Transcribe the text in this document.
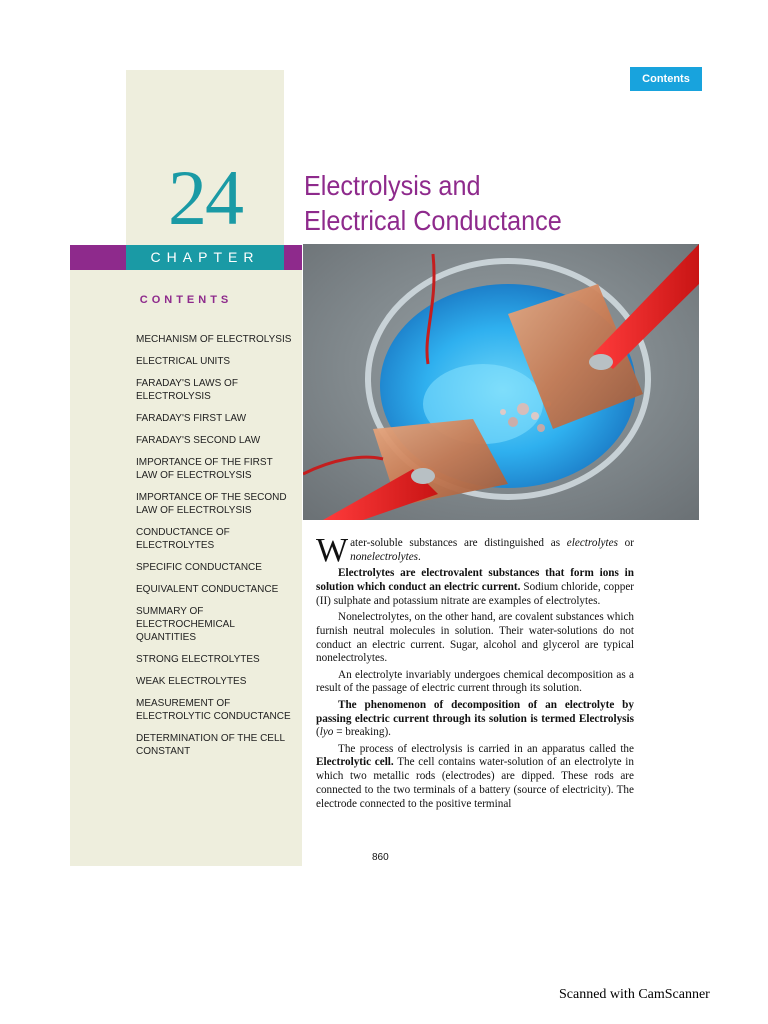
24
CHAPTER
CONTENTS
MECHANISM OF ELECTROLYSIS
ELECTRICAL UNITS
FARADAY'S LAWS OF ELECTROLYSIS
FARADAY'S FIRST LAW
FARADAY'S SECOND LAW
IMPORTANCE OF THE FIRST LAW OF ELECTROLYSIS
IMPORTANCE OF THE SECOND LAW OF ELECTROLYSIS
CONDUCTANCE OF ELECTROLYTES
SPECIFIC CONDUCTANCE
EQUIVALENT CONDUCTANCE
SUMMARY OF ELECTROCHEMICAL QUANTITIES
STRONG ELECTROLYTES
WEAK ELECTROLYTES
MEASUREMENT OF ELECTROLYTIC CONDUCTANCE
DETERMINATION OF THE CELL CONSTANT
Contents
Electrolysis and
Electrical Conductance

Water-soluble substances are distinguished as electrolytes or nonelectrolytes.

Electrolytes are electrovalent substances that form ions in solution which conduct an electric current. Sodium chloride, copper (II) sulphate and potassium nitrate are examples of electrolytes.

Nonelectrolytes, on the other hand, are covalent substances which furnish neutral molecules in solution. Their water-solutions do not conduct an electric current. Sugar, alcohol and glycerol are typical nonelectrolytes.

An electrolyte invariably undergoes chemical decomposition as a result of the passage of electric current through its solution.

The phenomenon of decomposition of an electrolyte by passing electric current through its solution is termed Electrolysis (lyo = breaking).

The process of electrolysis is carried in an apparatus called the Electrolytic cell. The cell contains water-solution of an electrolyte in which two metallic rods (electrodes) are dipped. These rods are connected to the two terminals of a battery (source of electricity). The electrode connected to the positive terminal

860
Scanned with CamScanner
